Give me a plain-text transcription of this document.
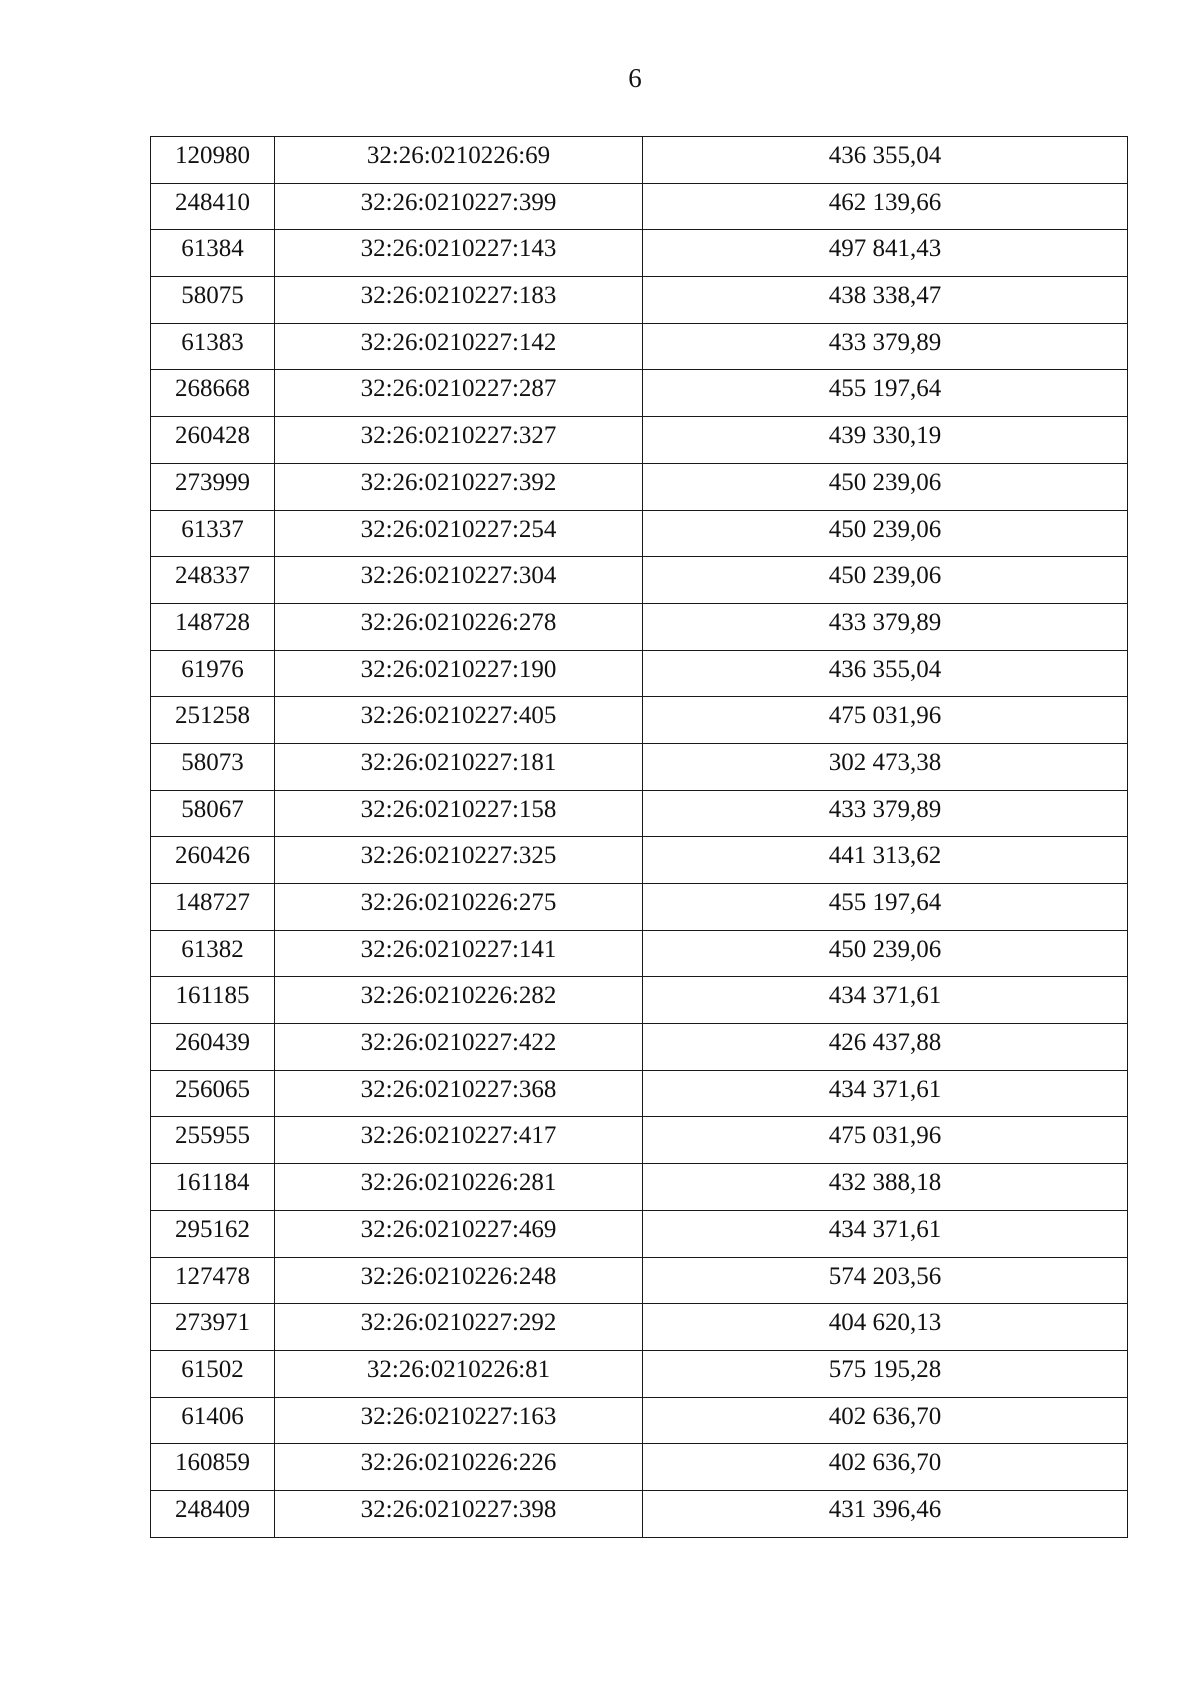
6
120980	32:26:0210226:69	436 355,04
248410	32:26:0210227:399	462 139,66
61384	32:26:0210227:143	497 841,43
58075	32:26:0210227:183	438 338,47
61383	32:26:0210227:142	433 379,89
268668	32:26:0210227:287	455 197,64
260428	32:26:0210227:327	439 330,19
273999	32:26:0210227:392	450 239,06
61337	32:26:0210227:254	450 239,06
248337	32:26:0210227:304	450 239,06
148728	32:26:0210226:278	433 379,89
61976	32:26:0210227:190	436 355,04
251258	32:26:0210227:405	475 031,96
58073	32:26:0210227:181	302 473,38
58067	32:26:0210227:158	433 379,89
260426	32:26:0210227:325	441 313,62
148727	32:26:0210226:275	455 197,64
61382	32:26:0210227:141	450 239,06
161185	32:26:0210226:282	434 371,61
260439	32:26:0210227:422	426 437,88
256065	32:26:0210227:368	434 371,61
255955	32:26:0210227:417	475 031,96
161184	32:26:0210226:281	432 388,18
295162	32:26:0210227:469	434 371,61
127478	32:26:0210226:248	574 203,56
273971	32:26:0210227:292	404 620,13
61502	32:26:0210226:81	575 195,28
61406	32:26:0210227:163	402 636,70
160859	32:26:0210226:226	402 636,70
248409	32:26:0210227:398	431 396,46
